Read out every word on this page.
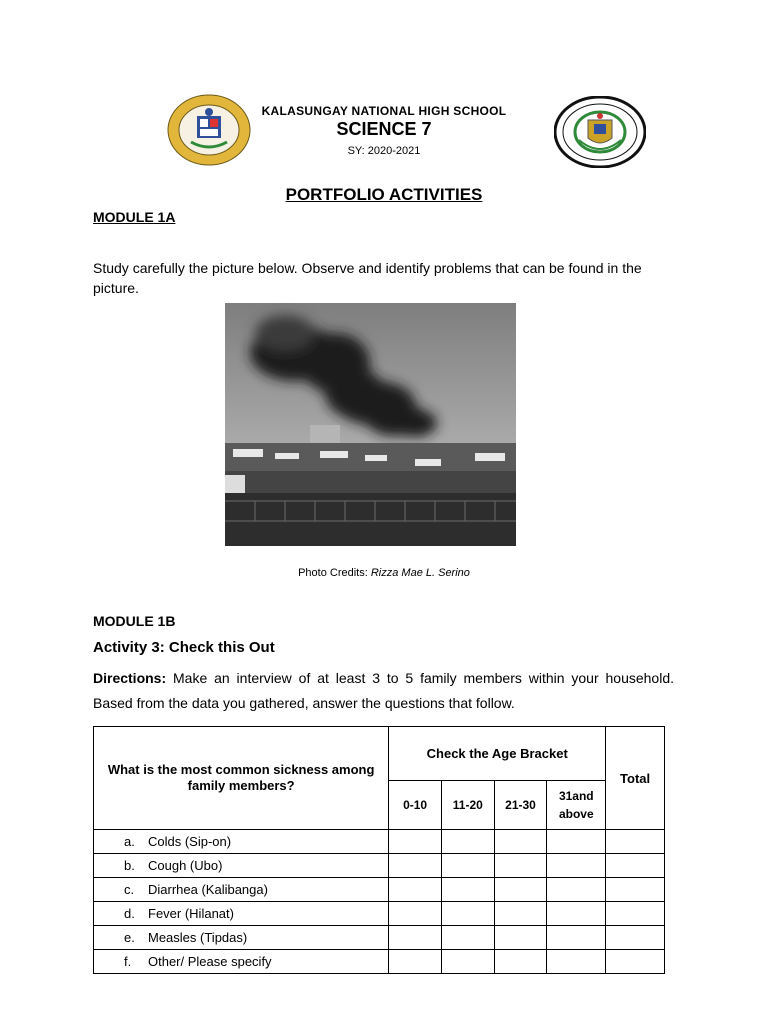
KALASUNGAY NATIONAL HIGH SCHOOL
SCIENCE 7
SY: 2020-2021
PORTFOLIO ACTIVITIES
MODULE 1A
Study carefully the picture below. Observe and identify problems that can be found in the picture.
Photo Credits: Rizza Mae L. Serino
MODULE 1B
Activity 3: Check this Out
Directions: Make an interview of at least 3 to 5 family members within your household. Based from the data you gathered, answer the questions that follow.
What is the most common sickness among family members?	Check the Age Bracket				Total
	0-10	11-20	21-30	31and above	
a. Colds (Sip-on)					
b. Cough (Ubo)					
c. Diarrhea (Kalibanga)					
d. Fever (Hilanat)					
e. Measles (Tipdas)					
f. Other/ Please specify					
